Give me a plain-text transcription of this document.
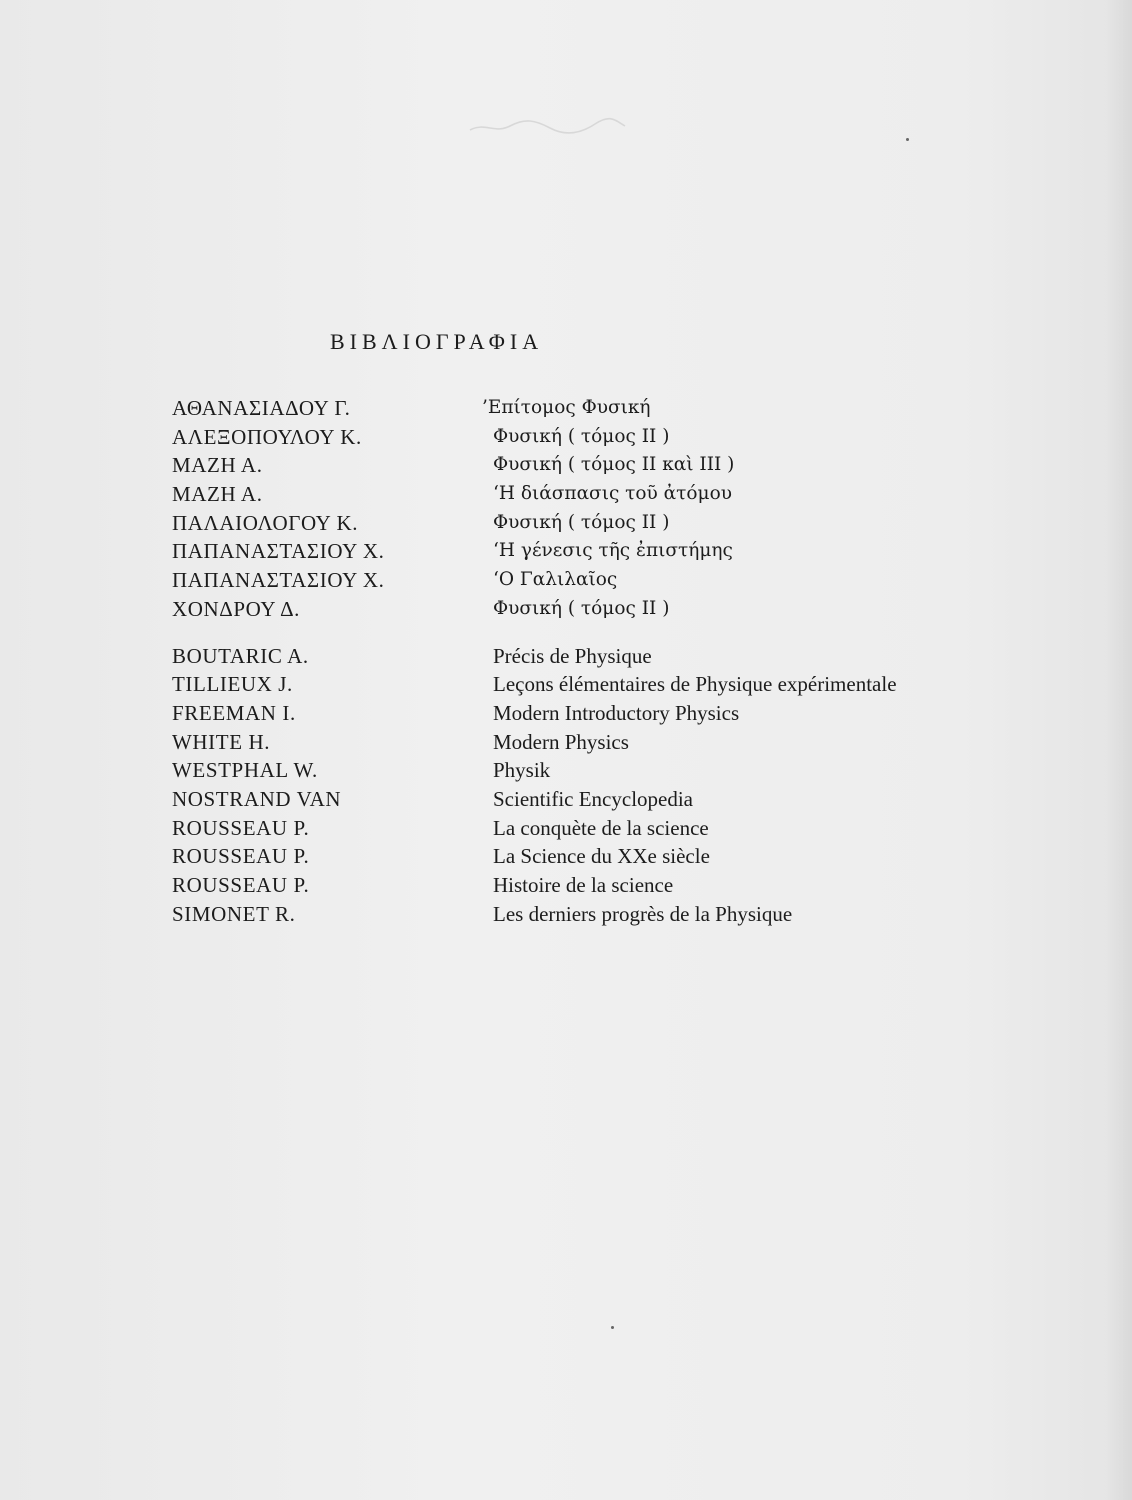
ΒΙΒΛΙΟΓΡΑΦΙΑ
ΑΘΑΝΑΣΙΑΔΟΥ Γ.
ΑΛΕΞΟΠΟΥΛΟΥ Κ.
ΜΑΖΗ Α.
ΜΑΖΗ Α.
ΠΑΛΑΙΟΛΟΓΟΥ Κ.
ΠΑΠΑΝΑΣΤΑΣΙΟΥ Χ.
ΠΑΠΑΝΑΣΤΑΣΙΟΥ Χ.
ΧΟΝΔΡΟΥ Δ.
BOUTARIC A.
TILLIEUX J.
FREEMAN I.
WHITE H.
WESTPHAL W.
NOSTRAND VAN
ROUSSEAU P.
ROUSSEAU P.
ROUSSEAU P.
SIMONET R.
’Επίτομος Φυσική
Φυσική ( τόμος II )
Φυσική ( τόμος II καὶ III )
‘Η διάσπασις τοῦ ἀτόμου
Φυσική ( τόμος II )
‘Η γένεσις τῆς ἐπιστήμης
‘Ο Γαλιλαῖος
Φυσική ( τόμος II )
Précis de Physique
Leçons élémentaires de Physique expérimentale
Modern Introductory Physics
Modern Physics
Physik
Scientific Encyclopedia
La conquète de la science
La Science du XXe siècle
Histoire de la science
Les derniers progrès de la Physique
